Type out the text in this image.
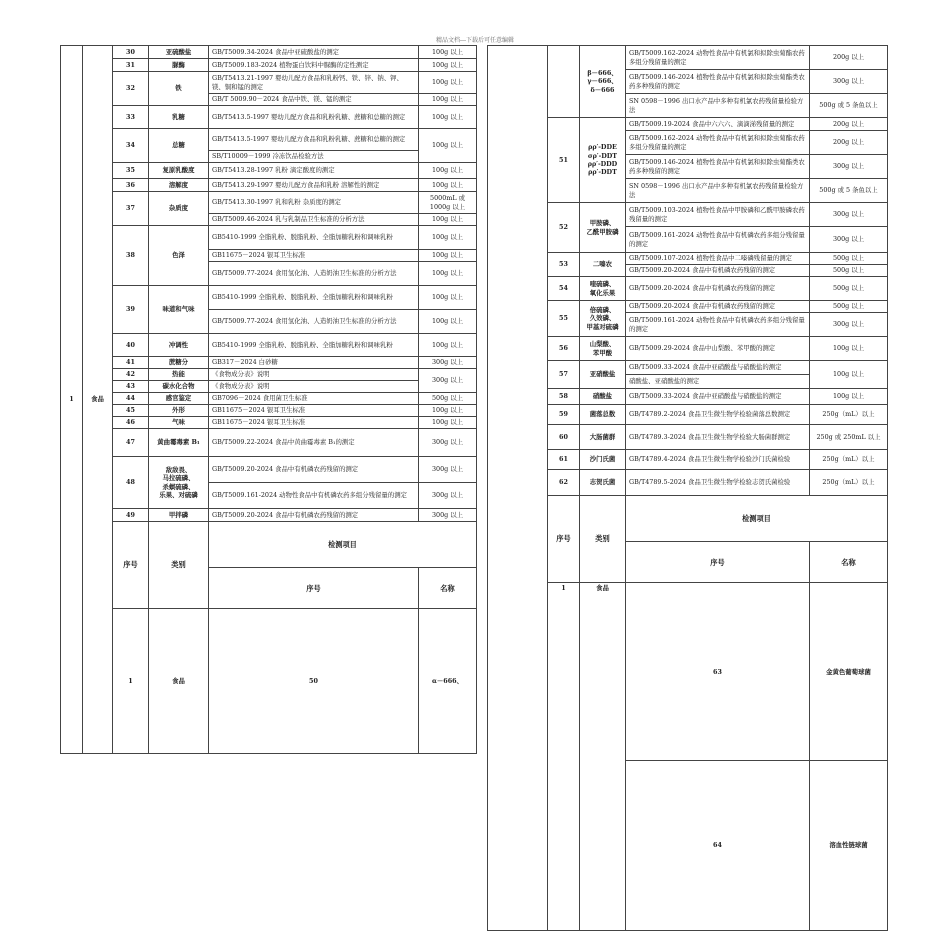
精品文档---下载后可任意编辑
1	食品	30	亚硫酸盐	GB/T5009.34-2024 食品中亚硫酸盐的测定	100g 以上	
		31	脲酶	GB/T5009.183-2024 植物蛋白饮料中脲酶的定性测定	100g 以上	
		32	铁	GB/T5413.21-1997 婴幼儿配方食品和乳粉钙、铁、锌、钠、钾、镁、铜和锰的测定	100g 以上	
				GB/T 5009.90－2024 食品中铁、镁、锰的测定	100g 以上	
		33	乳糖	GB/T5413.5-1997 婴幼儿配方食品和乳粉乳糖、蔗糖和总糖的测定	100g 以上	
		34	总糖	GB/T5413.5-1997 婴幼儿配方食品和乳粉乳糖、蔗糖和总糖的测定	100g 以上	
				SB/T10009－1999 冷冻饮品检验方法		
		35	复原乳酸度	GB/T5413.28-1997 乳粉 滴定酸度的测定	100g 以上	
		36	溶解度	GB/T5413.29-1997 婴幼儿配方食品和乳粉 溶解性的测定	100g 以上	
		37	杂质度	GB/T5413.30-1997 乳和乳粉 杂质度的测定	5000mL 或 1000g 以上	
				GB/T5009.46-2024 乳与乳制品卫生标准的分析方法	100g 以上	
		38	色泽	GB5410-1999 全脂乳粉、脱脂乳粉、全脂加糖乳粉和调味乳粉	100g 以上	
				GB11675－2024 银耳卫生标准	100g 以上	
				GB/T5009.77-2024 食用氢化油、人造奶油卫生标准的分析方法	100g 以上	
		39	味道和气味	GB5410-1999 全脂乳粉、脱脂乳粉、全脂加糖乳粉和调味乳粉	100g 以上	
				GB/T5009.77-2024 食用氢化油、人造奶油卫生标准的分析方法	100g 以上	
		40	冲调性	GB5410-1999 全脂乳粉、脱脂乳粉、全脂加糖乳粉和调味乳粉	100g 以上	
		41	蔗糖分	GB317－2024 白砂糖	300g 以上	
		42	热能	《食物成分表》说明	300g 以上	
		43	碳水化合物	《食物成分表》说明		
		44	感官鉴定	GB7096－2024 食用菌卫生标准	500g 以上	
		45	外形	GB11675－2024 银耳卫生标准	100g 以上	
		46	气味	GB11675－2024 银耳卫生标准	100g 以上	
		47	黄曲霉毒素 B₁	GB/T5009.22-2024 食品中黄曲霉毒素 B₁的测定	300g 以上	
		48	敌敌畏、
马拉硫磷、
杀螟硫磷、
乐果、对硫磷	GB/T5009.20-2024 食品中有机磷农药残留的测定	300g 以上	
				GB/T5009.161-2024 动物性食品中有机磷农药多组分残留量的测定	300g 以上	
		49	甲拌磷	GB/T5009.20-2024 食品中有机磷农药残留的测定	300g 以上	
		序号	类别	检测项目		
				序号	名称	
		1	食品	50	α－666、		

		β－666、
γ－666、
δ－666	GB/T5009.162-2024 动物性食品中有机氯和拟除虫菊酯农药多组分残留量的测定	200g 以上	
			GB/T5009.146-2024 植物性食品中有机氯和拟除虫菊酯类农药多种残留的测定	300g 以上	
			SN 0598－1996 出口水产品中多种有机氯农药残留量检验方法	500g 或 5 条鱼以上	
	51	ρρ′-DDE
σρ′-DDT
ρρ′-DDD
ρρ′-DDT	GB/T5009.19-2024 食品中六六六、滴滴涕残留量的测定	200g 以上	
			GB/T5009.162-2024 动物性食品中有机氯和拟除虫菊酯农药多组分残留量的测定	200g 以上	
			GB/T5009.146-2024 植物性食品中有机氯和拟除虫菊酯类农药多种残留的测定	300g 以上	
			SN 0598－1996 出口水产品中多种有机氯农药残留量检验方法	500g 或 5 条鱼以上	
	52	甲胺磷、
乙酰甲胺磷	GB/T5009.103-2024 植物性食品中甲胺磷和乙酰甲胺磷农药残留量的测定	300g 以上	
			GB/T5009.161-2024 动物性食品中有机磷农药多组分残留量的测定	300g 以上	
	53	二嗪农	GB/T5009.107-2024 植物性食品中二嗪磷残留量的测定	500g 以上	
			GB/T5009.20-2024 食品中有机磷农药残留的测定	500g 以上	
	54	喹硫磷、
氧化乐果	GB/T5009.20-2024 食品中有机磷农药残留的测定	500g 以上	
	55	倍硫磷、
久效磷、
甲基对硫磷	GB/T5009.20-2024 食品中有机磷农药残留的测定	500g 以上	
			GB/T5009.161-2024 动物性食品中有机磷农药多组分残留量的测定	300g 以上	
	56	山梨酸、
苯甲酸	GB/T5009.29-2024 食品中山梨酸、苯甲酸的测定	100g 以上	
	57	亚硝酸盐	GB/T5009.33-2024 食品中亚硝酸盐与硝酸盐的测定	100g 以上	
			硝酸盐、亚硝酸盐的测定		
	58	硝酸盐	GB/T5009.33-2024 食品中亚硝酸盐与硝酸盐的测定	100g 以上	
	59	菌落总数	GB/T4789.2-2024 食品卫生微生物学检验菌落总数测定	250g（mL）以上	
	60	大肠菌群	GB/T4789.3-2024 食品卫生微生物学检验大肠菌群测定	250g 或 250mL 以上	
	61	沙门氏菌	GB/T4789.4-2024 食品卫生微生物学检验沙门氏菌检验	250g（mL）以上	
	62	志贺氏菌	GB/T4789.5-2024 食品卫生微生物学检验志贺氏菌检验	250g（mL）以上	
	序号	类别	检测项目		
			序号	名称	
	1	食品	63	金黄色葡萄球菌		
			64	溶血性链球菌		
